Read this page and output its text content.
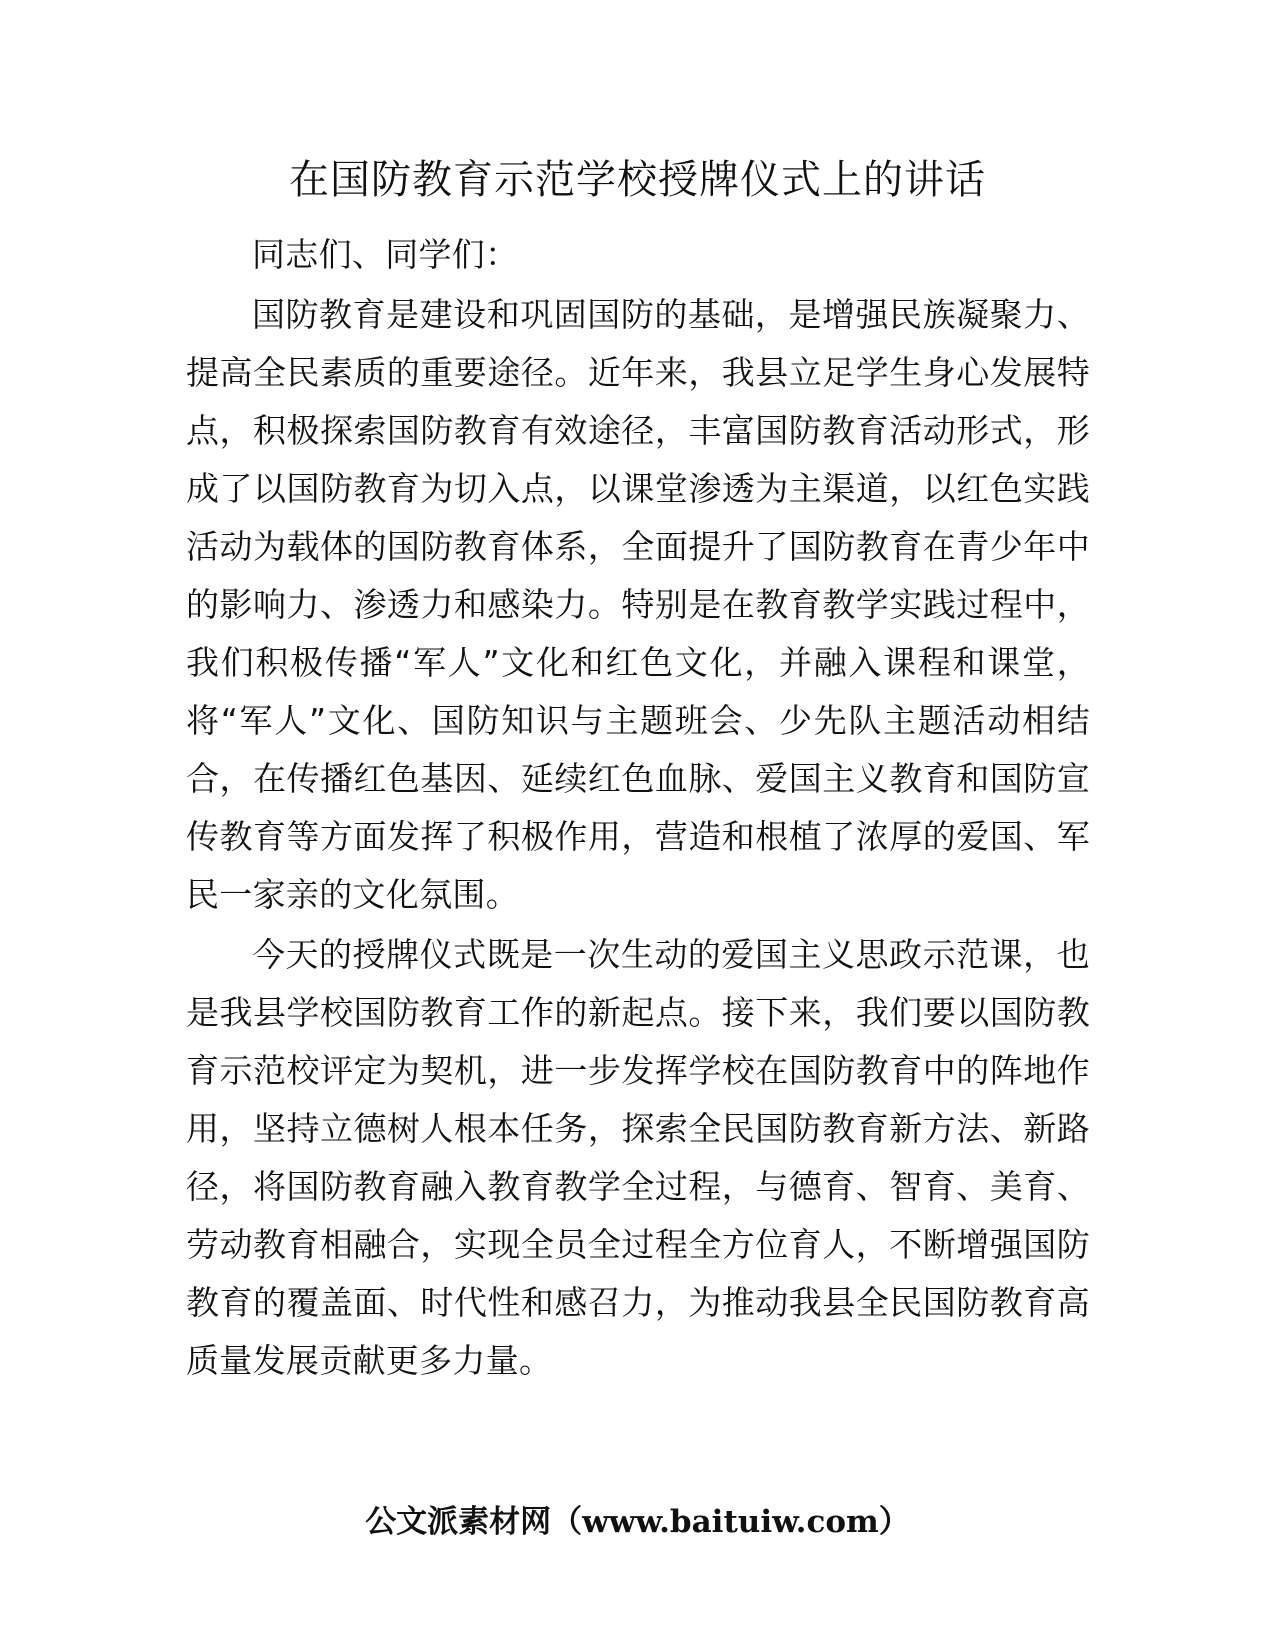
在国防教育示范学校授牌仪式上的讲话

同志们、同学们：

国防教育是建设和巩固国防的基础，是增强民族凝聚力、提高全民素质的重要途径。近年来，我县立足学生身心发展特点，积极探索国防教育有效途径，丰富国防教育活动形式，形成了以国防教育为切入点，以课堂渗透为主渠道，以红色实践活动为载体的国防教育体系，全面提升了国防教育在青少年中的影响力、渗透力和感染力。特别是在教育教学实践过程中，我们积极传播“军人”文化和红色文化，并融入课程和课堂，将“军人”文化、国防知识与主题班会、少先队主题活动相结合，在传播红色基因、延续红色血脉、爱国主义教育和国防宣传教育等方面发挥了积极作用，营造和根植了浓厚的爱国、军民一家亲的文化氛围。

今天的授牌仪式既是一次生动的爱国主义思政示范课，也是我县学校国防教育工作的新起点。接下来，我们要以国防教育示范校评定为契机，进一步发挥学校在国防教育中的阵地作用，坚持立德树人根本任务，探索全民国防教育新方法、新路径，将国防教育融入教育教学全过程，与德育、智育、美育、劳动教育相融合，实现全员全过程全方位育人，不断增强国防教育的覆盖面、时代性和感召力，为推动我县全民国防教育高质量发展贡献更多力量。

公文派素材网（www.baituiw.com）
